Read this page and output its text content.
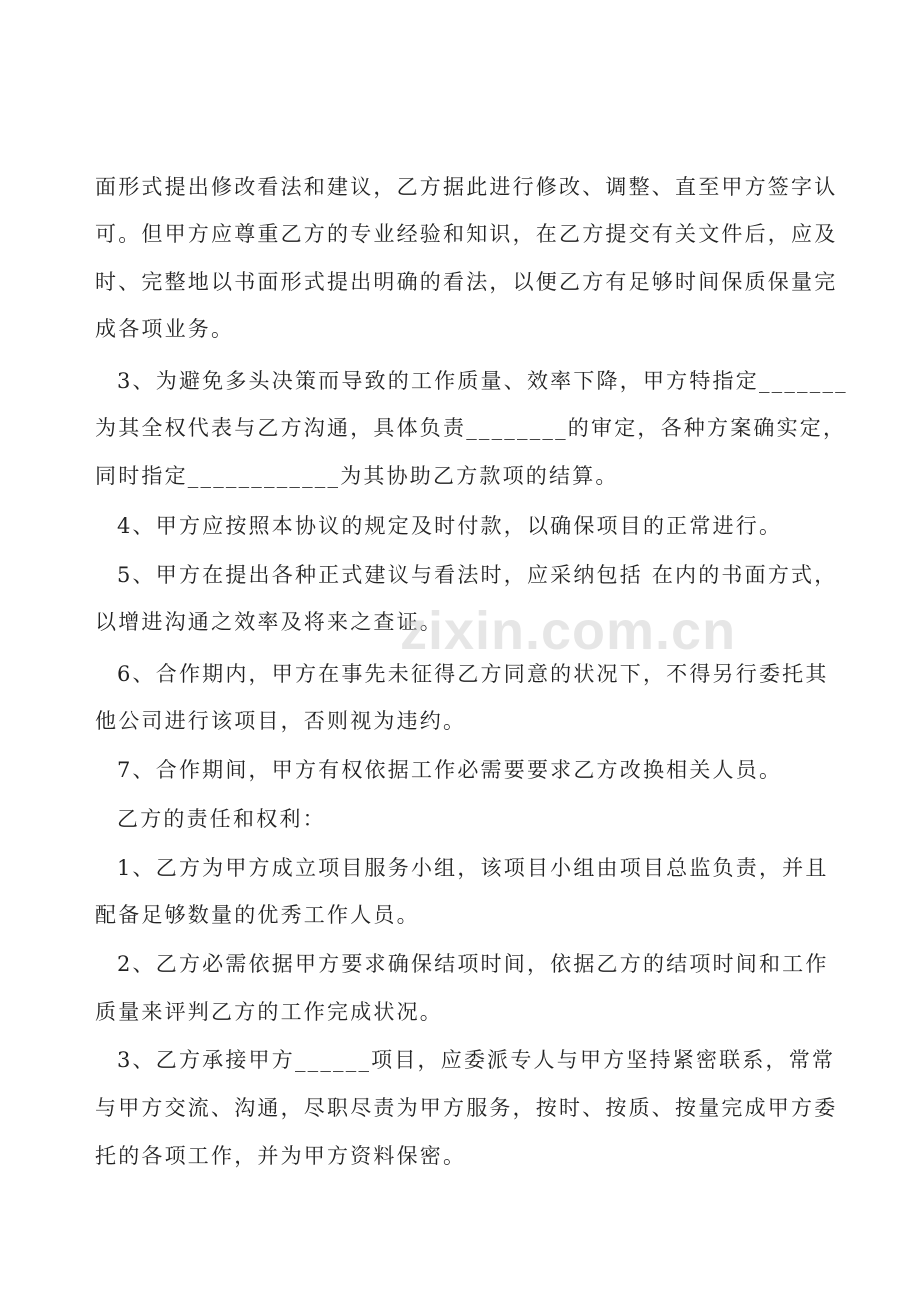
面形式提出修改看法和建议，乙方据此进行修改、调整、直至甲方签字认
可。但甲方应尊重乙方的专业经验和知识，在乙方提交有关文件后，应及
时、完整地以书面形式提出明确的看法，以便乙方有足够时间保质保量完
成各项业务。
3、为避免多头决策而导致的工作质量、效率下降，甲方特指定_______
为其全权代表与乙方沟通，具体负责________的审定，各种方案确实定，
同时指定____________为其协助乙方款项的结算。
4、甲方应按照本协议的规定及时付款，以确保项目的正常进行。
5、甲方在提出各种正式建议与看法时，应采纳包括 在内的书面方式，
以增进沟通之效率及将来之查证。
6、合作期内，甲方在事先未征得乙方同意的状况下，不得另行委托其
他公司进行该项目，否则视为违约。
7、合作期间，甲方有权依据工作必需要要求乙方改换相关人员。
乙方的责任和权利：
1、乙方为甲方成立项目服务小组，该项目小组由项目总监负责，并且
配备足够数量的优秀工作人员。
2、乙方必需依据甲方要求确保结项时间，依据乙方的结项时间和工作
质量来评判乙方的工作完成状况。
3、乙方承接甲方______项目，应委派专人与甲方坚持紧密联系，常常
与甲方交流、沟通，尽职尽责为甲方服务，按时、按质、按量完成甲方委
托的各项工作，并为甲方资料保密。
zixin.com.cn
